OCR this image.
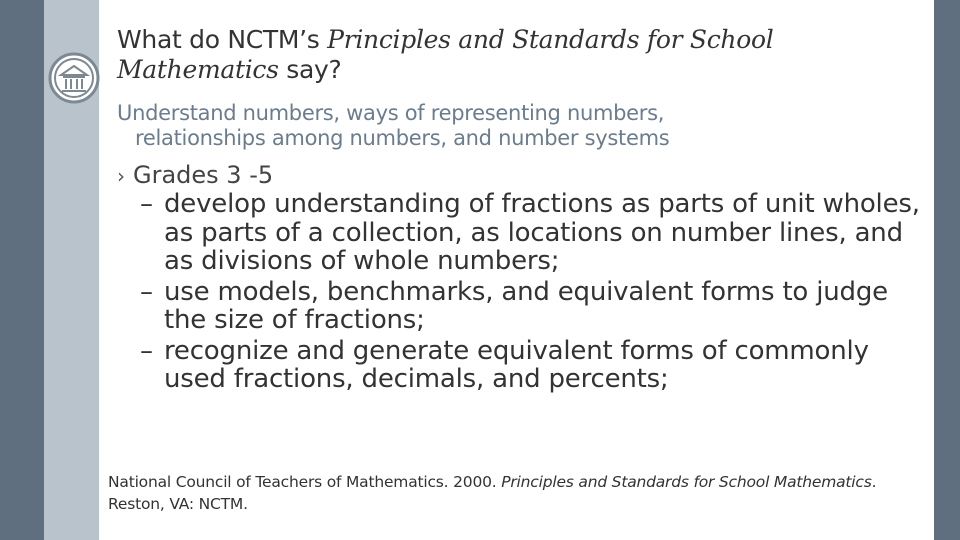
What do NCTM’s Principles and Standards for School Mathematics say?
Understand numbers, ways of representing numbers,
relationships among numbers, and number systems
› Grades 3 -5
– develop understanding of fractions as parts of unit wholes, as parts of a collection, as locations on number lines, and as divisions of whole numbers;
– use models, benchmarks, and equivalent forms to judge the size of fractions;
– recognize and generate equivalent forms of commonly used fractions, decimals, and percents;
National Council of Teachers of Mathematics. 2000. Principles and Standards for School Mathematics. Reston, VA: NCTM.
